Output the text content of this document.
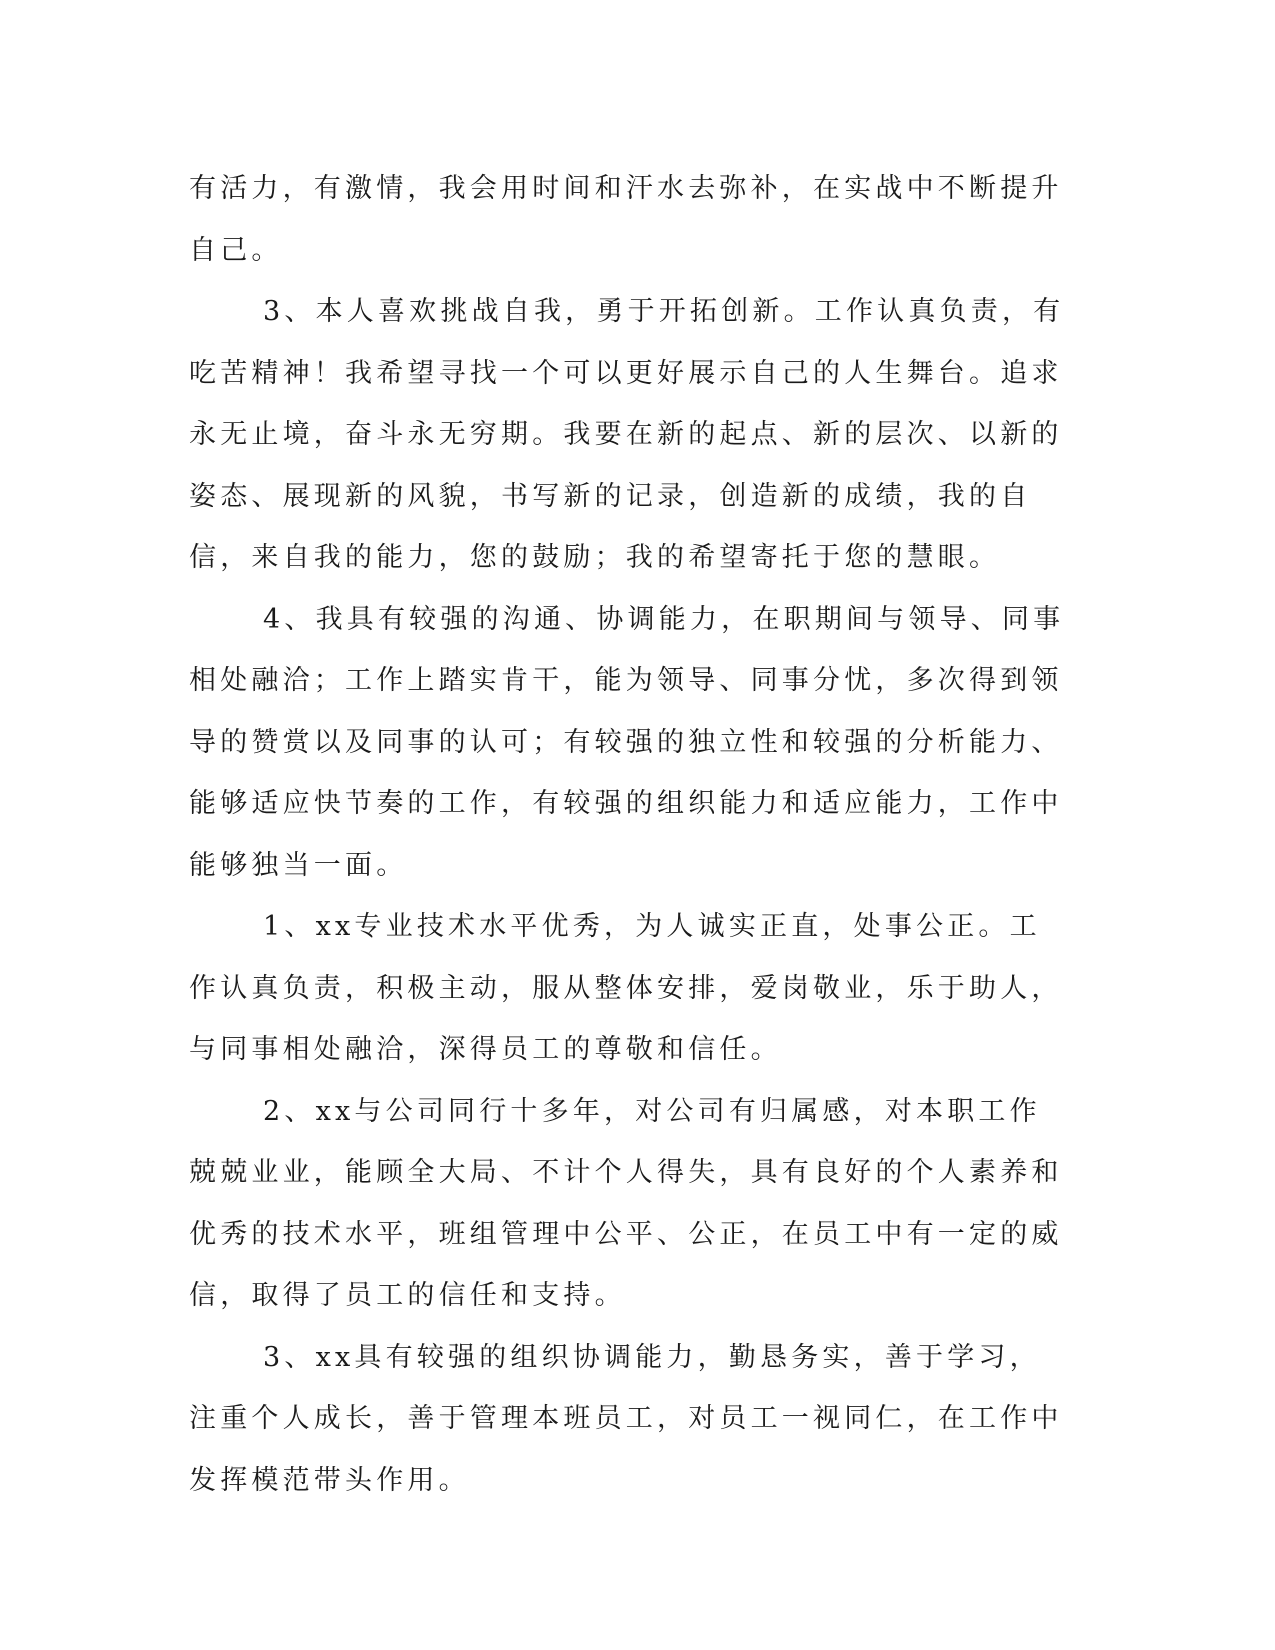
有活力，有激情，我会用时间和汗水去弥补，在实战中不断提升自己。

3、本人喜欢挑战自我，勇于开拓创新。工作认真负责，有吃苦精神！我希望寻找一个可以更好展示自己的人生舞台。追求永无止境，奋斗永无穷期。我要在新的起点、新的层次、以新的姿态、展现新的风貌，书写新的记录，创造新的成绩，我的自信，来自我的能力，您的鼓励；我的希望寄托于您的慧眼。

4、我具有较强的沟通、协调能力，在职期间与领导、同事相处融洽；工作上踏实肯干，能为领导、同事分忧，多次得到领导的赞赏以及同事的认可；有较强的独立性和较强的分析能力、能够适应快节奏的工作，有较强的组织能力和适应能力，工作中能够独当一面。

1、xx专业技术水平优秀，为人诚实正直，处事公正。工作认真负责，积极主动，服从整体安排，爱岗敬业，乐于助人，与同事相处融洽，深得员工的尊敬和信任。

2、xx与公司同行十多年，对公司有归属感，对本职工作兢兢业业，能顾全大局、不计个人得失，具有良好的个人素养和优秀的技术水平，班组管理中公平、公正，在员工中有一定的威信，取得了员工的信任和支持。

3、xx具有较强的组织协调能力，勤恳务实，善于学习，注重个人成长，善于管理本班员工，对员工一视同仁，在工作中发挥模范带头作用。
